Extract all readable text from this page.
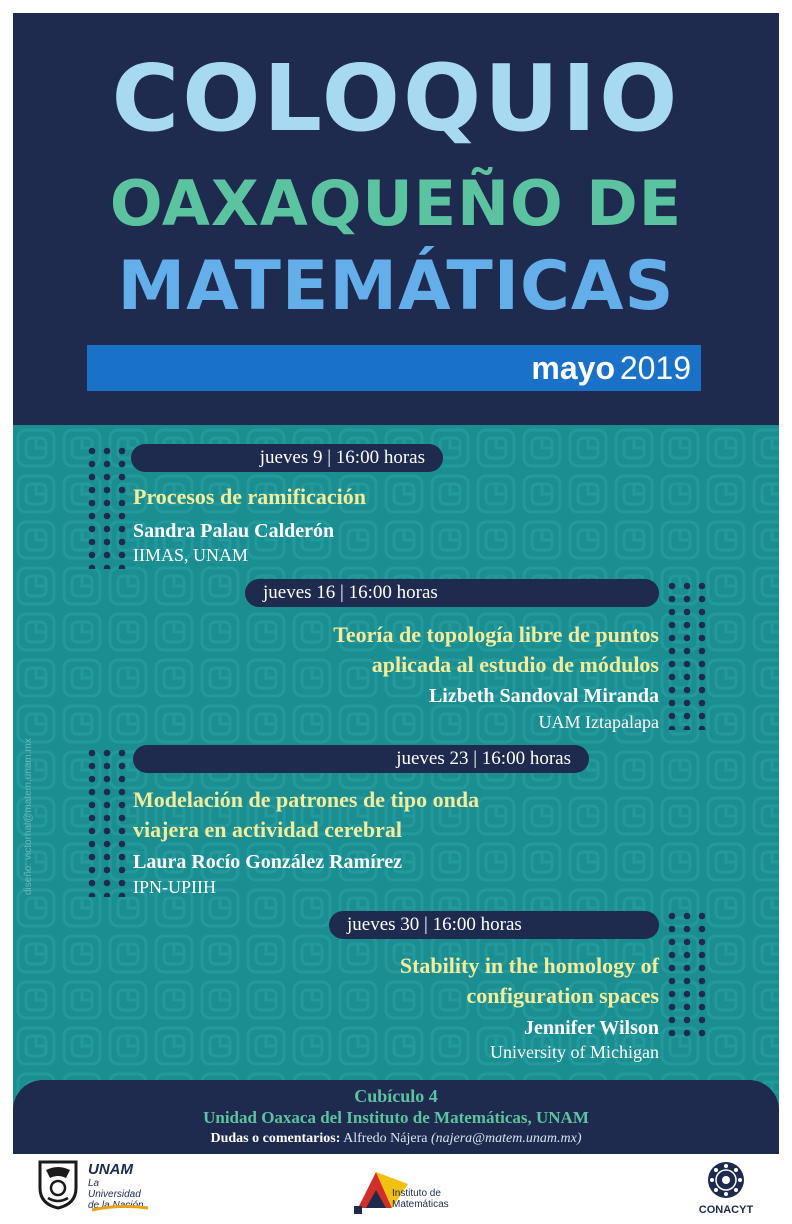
COLOQUIO
OAXAQUEÑO DE
MATEMÁTICAS
mayo 2019
jueves 9 | 16:00 horas
Procesos de ramificación
Sandra Palau Calderón
IIMAS, UNAM
jueves 16 | 16:00 horas
Teoría de topología libre de puntos
aplicada al estudio de módulos
Lizbeth Sandoval Miranda
UAM Iztapalapa
jueves 23 | 16:00 horas
Modelación de patrones de tipo onda
viajera en actividad cerebral
Laura Rocío González Ramírez
IPN-UPIIH
jueves 30 | 16:00 horas
Stability in the homology of
configuration spaces
Jennifer Wilson
University of Michigan
diseño: victorhal@matem.unam.mx
Cubículo 4
Unidad Oaxaca del Instituto de Matemáticas, UNAM
Dudas o comentarios: Alfredo Nájera (najera@matem.unam.mx)
UNAM
La Universidad de la Nación
Instituto de
Matemáticas	CONACYT
